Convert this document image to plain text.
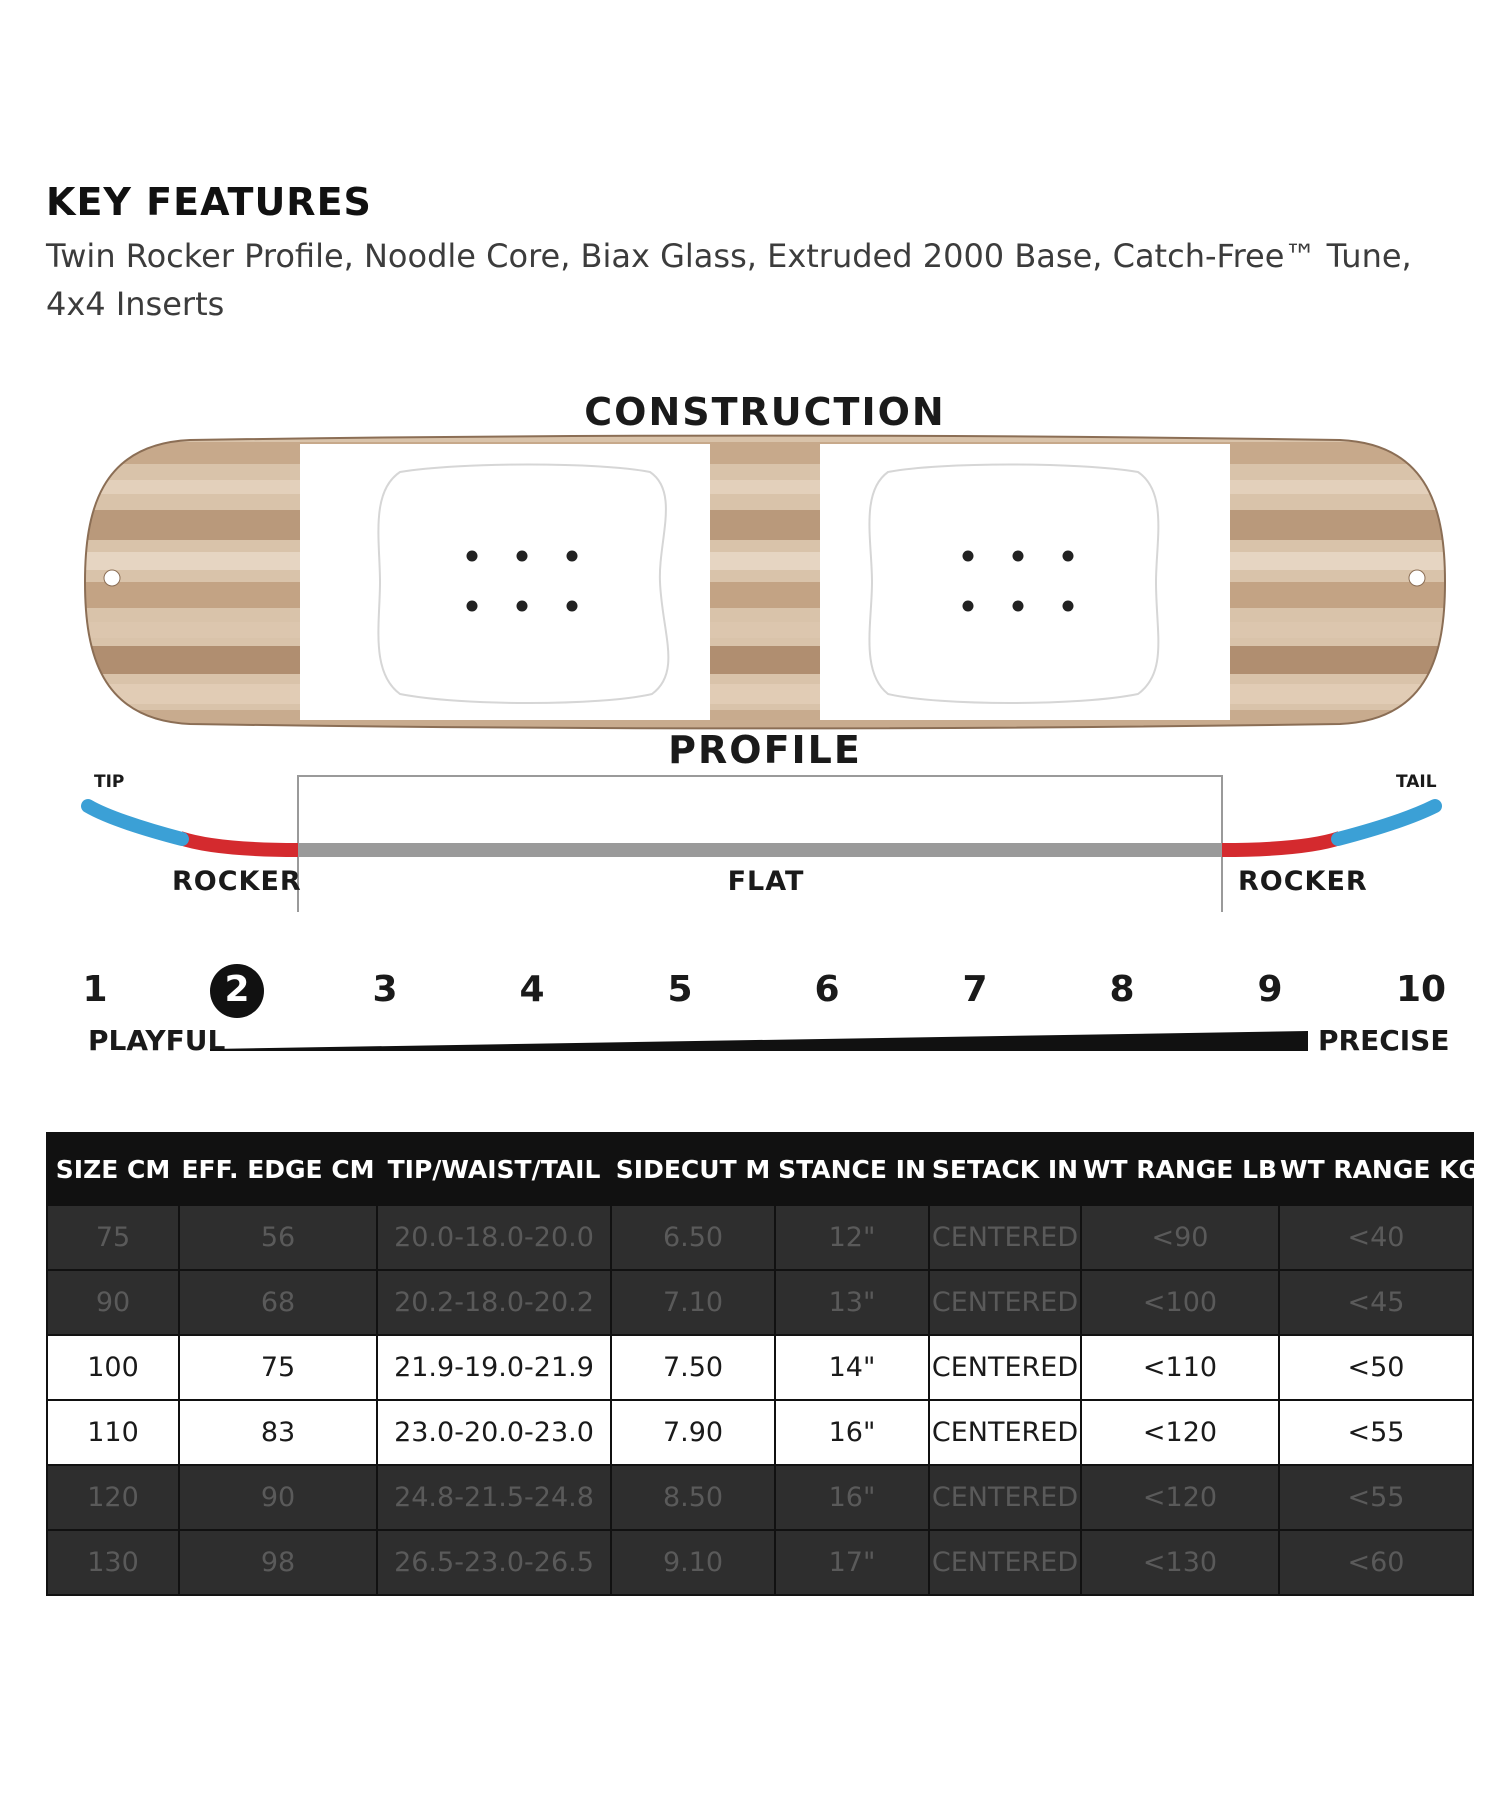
KEY FEATURES

Twin Rocker Profile, Noodle Core, Biax Glass, Extruded 2000 Base, Catch-Free™ Tune, 4x4 Inserts

CONSTRUCTION
PROFILE
TIP	TAIL
ROCKER	FLAT	ROCKER
1	2	3	4	5	6	7	8	9	10
PLAYFUL	PRECISE
SIZE CM	EFF. EDGE CM	TIP/WAIST/TAIL	SIDECUT M	STANCE IN	SETACK IN	WT RANGE LB	WT RANGE KG
75	56	20.0-18.0-20.0	6.50	12"	CENTERED	<90	<40
90	68	20.2-18.0-20.2	7.10	13"	CENTERED	<100	<45
100	75	21.9-19.0-21.9	7.50	14"	CENTERED	<110	<50
110	83	23.0-20.0-23.0	7.90	16"	CENTERED	<120	<55
120	90	24.8-21.5-24.8	8.50	16"	CENTERED	<120	<55
130	98	26.5-23.0-26.5	9.10	17"	CENTERED	<130	<60
